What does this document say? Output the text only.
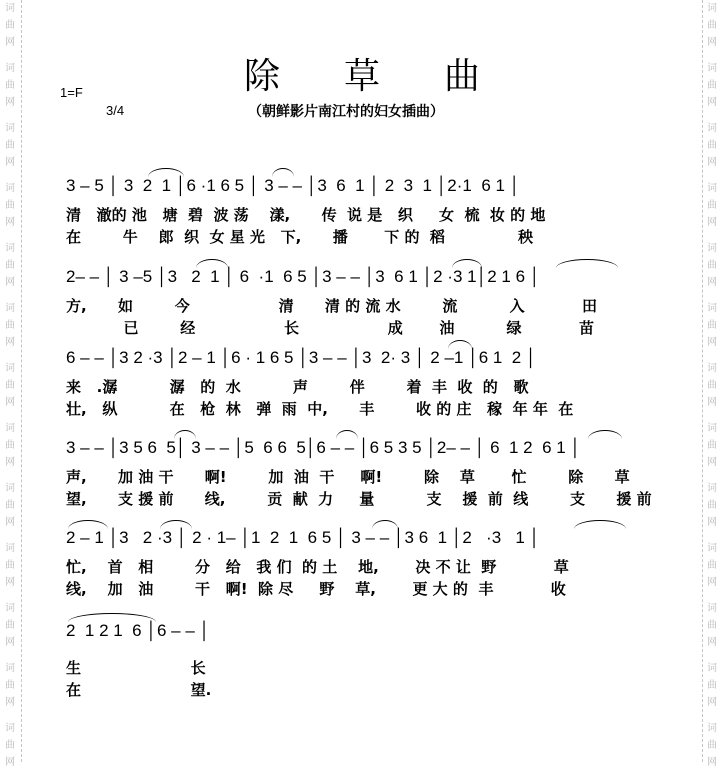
词
曲
网
词
曲
网
词
曲
网
词
曲
网
词
曲
网
词
曲
网
词
曲
网
词
曲
网
词
曲
网
词
曲
网
词
曲
网
词
曲
网
词
曲
网
词
曲
网
词
曲
网
词
曲
网
词
曲
网
词
曲
网
词
曲
网
词
曲
网
词
曲
网
词
曲
网
词
曲
网
词
曲
网
词
曲
网
词
曲
网
除草曲
1=F
3/4	（朝鲜影片南江村的妇女插曲）
3 – 5 │ 3  2  1 │6 ·1 6 5 │ 3 – – │3  6  1 │ 2  3  1 │2·1  6 1 │
清   澈的 池   塘  碧  波 荡    漾,      传  说 是   织     女  梳  妆 的 地
在        牛    郎  织  女 星 光   下,      播       下 的  稻              秧
2– – │ 3 –5 │3   2  1 │ 6  ·1  6 5 │3 – – │3  6 1 │2 ·3 1│2 1 6 │
方,      如        今                 清      清 的 流 水        流          入           田
已        经                 长                 成       油          绿           苗
6 – – │3 2 ·3 │2 – 1 │6 · 1 6 5 │3 – – │3  2· 3 │ 2 –1 │6 1  2 │
来   .潺          潺   的  水          声        伴        着  丰  收  的   歌
壮,   纵          在   枪  林   弹  雨  中,      丰        收 的 庄   稼  年 年  在
3 – – │3 5 6  5│ 3 – – │5  6 6  5│6 – – │6 5 3 5 │2– – │ 6  1 2  6 1 │
声,      加 油 干      啊!        加  油  干     啊!        除    草       忙        除      草
望,      支 援 前      线,        贡  献  力     量          支    援  前  线        支      援 前
2 – 1 │3   2 ·3 │ 2 · 1– │1  2  1  6 5 │ 3 – – │3 6  1 │2   ·3   1 │
忙,    首   相        分   给   我 们  的 土    地,       决 不 让  野           草
线,    加   油        干   啊!  除 尽     野    草,       更 大 的  丰           收
2  1 2 1  6 │6 – – │
生                     长
在                     望.
